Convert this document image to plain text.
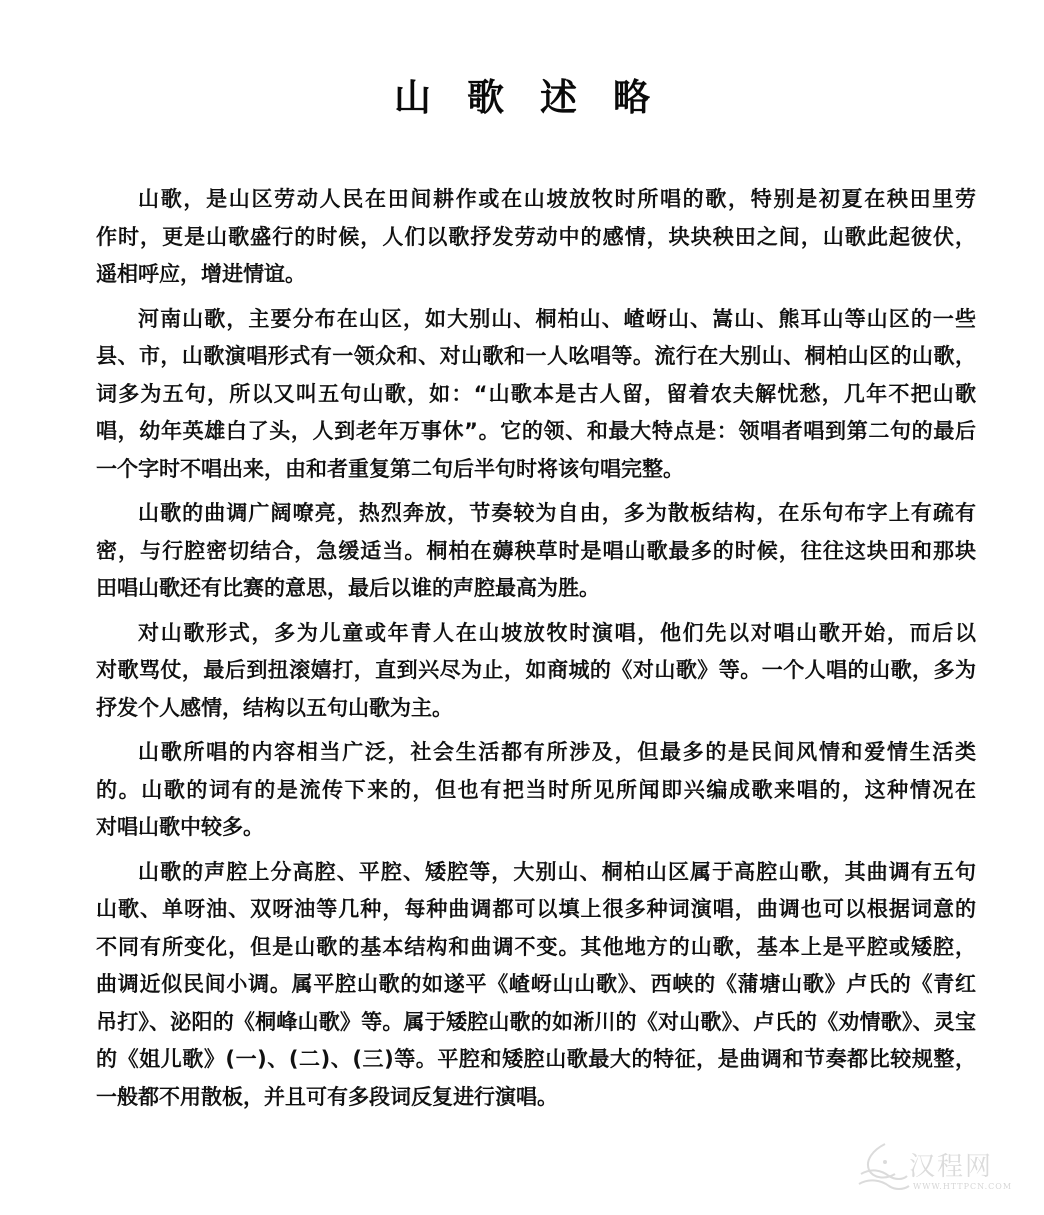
山歌述略
山歌，是山区劳动人民在田间耕作或在山坡放牧时所唱的歌，特别是初夏在秧田里劳
作时，更是山歌盛行的时候，人们以歌抒发劳动中的感情，块块秧田之间，山歌此起彼伏，
遥相呼应，增进情谊。
河南山歌，主要分布在山区，如大别山、桐柏山、嵖岈山、嵩山、熊耳山等山区的一些
县、市，山歌演唱形式有一领众和、对山歌和一人吆唱等。流行在大别山、桐柏山区的山歌，
词多为五句，所以又叫五句山歌，如：“山歌本是古人留，留着农夫解忧愁，几年不把山歌
唱，幼年英雄白了头，人到老年万事休”。它的领、和最大特点是：领唱者唱到第二句的最后
一个字时不唱出来，由和者重复第二句后半句时将该句唱完整。
山歌的曲调广阔嘹亮，热烈奔放，节奏较为自由，多为散板结构，在乐句布字上有疏有
密，与行腔密切结合，急缓适当。桐柏在薅秧草时是唱山歌最多的时候，往往这块田和那块
田唱山歌还有比赛的意思，最后以谁的声腔最高为胜。
对山歌形式，多为儿童或年青人在山坡放牧时演唱，他们先以对唱山歌开始，而后以
对歌骂仗，最后到扭滚嬉打，直到兴尽为止，如商城的《对山歌》等。一个人唱的山歌，多为
抒发个人感情，结构以五句山歌为主。
山歌所唱的内容相当广泛，社会生活都有所涉及，但最多的是民间风情和爱情生活类
的。山歌的词有的是流传下来的，但也有把当时所见所闻即兴编成歌来唱的，这种情况在
对唱山歌中较多。
山歌的声腔上分高腔、平腔、矮腔等，大别山、桐柏山区属于高腔山歌，其曲调有五句
山歌、单呀油、双呀油等几种，每种曲调都可以填上很多种词演唱，曲调也可以根据词意的
不同有所变化，但是山歌的基本结构和曲调不变。其他地方的山歌，基本上是平腔或矮腔，
曲调近似民间小调。属平腔山歌的如遂平《嵖岈山山歌》、西峡的《蒲塘山歌》卢氏的《青红
吊打》、泌阳的《桐峰山歌》等。属于矮腔山歌的如淅川的《对山歌》、卢氏的《劝情歌》、灵宝
的《姐儿歌》(一)、(二)、(三)等。平腔和矮腔山歌最大的特征，是曲调和节奏都比较规整，
一般都不用散板，并且可有多段词反复进行演唱。
汉程网
WWW.HTTPCN.COM
